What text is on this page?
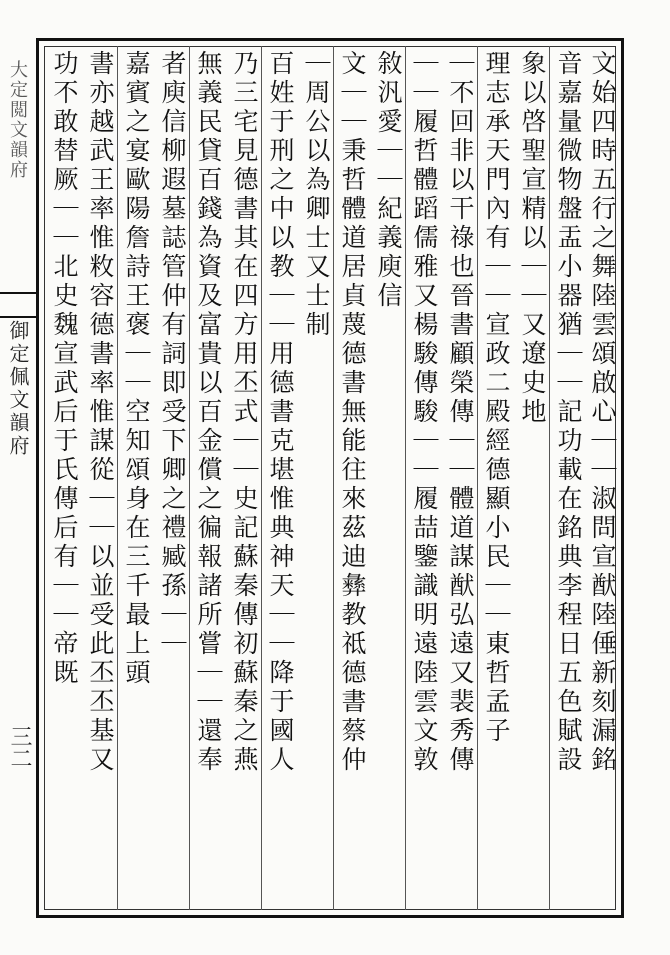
大定閲文韻府
御定佩文韻府
三二	文始四時五行之舞陸雲頌啟心｜｜淑問宣猷陸倕新刻漏銘
音嘉量微物盤盂小器猶｜｜記功載在銘典李程日五色賦設
象以啓聖宣精以｜｜又遼史地
理志承天門內有｜｜宣政二殿經德顯小民｜｜東哲孟子
｜不回非以干祿也晉書顧榮傳｜｜體道謀猷弘遠又裴秀傳
｜｜履哲體蹈儒雅又楊駿傳駿｜｜履喆鑒識明遠陸雲文敦
敘汎愛｜｜紀義庾信
文｜｜秉哲體道居貞蔑德書無能往來茲迪彝教祗德書蔡仲
｜周公以為卿士又士制
百姓于刑之中以教｜｜用德書克堪惟典神天｜｜降于國人
乃三宅見德書其在四方用丕式｜｜史記蘇秦傳初蘇秦之燕
無義民貸百錢為資及富貴以百金償之徧報諸所嘗｜｜還奉
者庾信柳遐墓誌管仲有詞即受下卿之禮臧孫｜｜
嘉賓之宴歐陽詹詩王褒｜｜空知頌身在三千最上頭
書亦越武王率惟敉容德書率惟謀從｜｜以並受此丕丕基又
功不敢替厥｜｜北史魏宣武后于氏傳后有｜｜帝既
